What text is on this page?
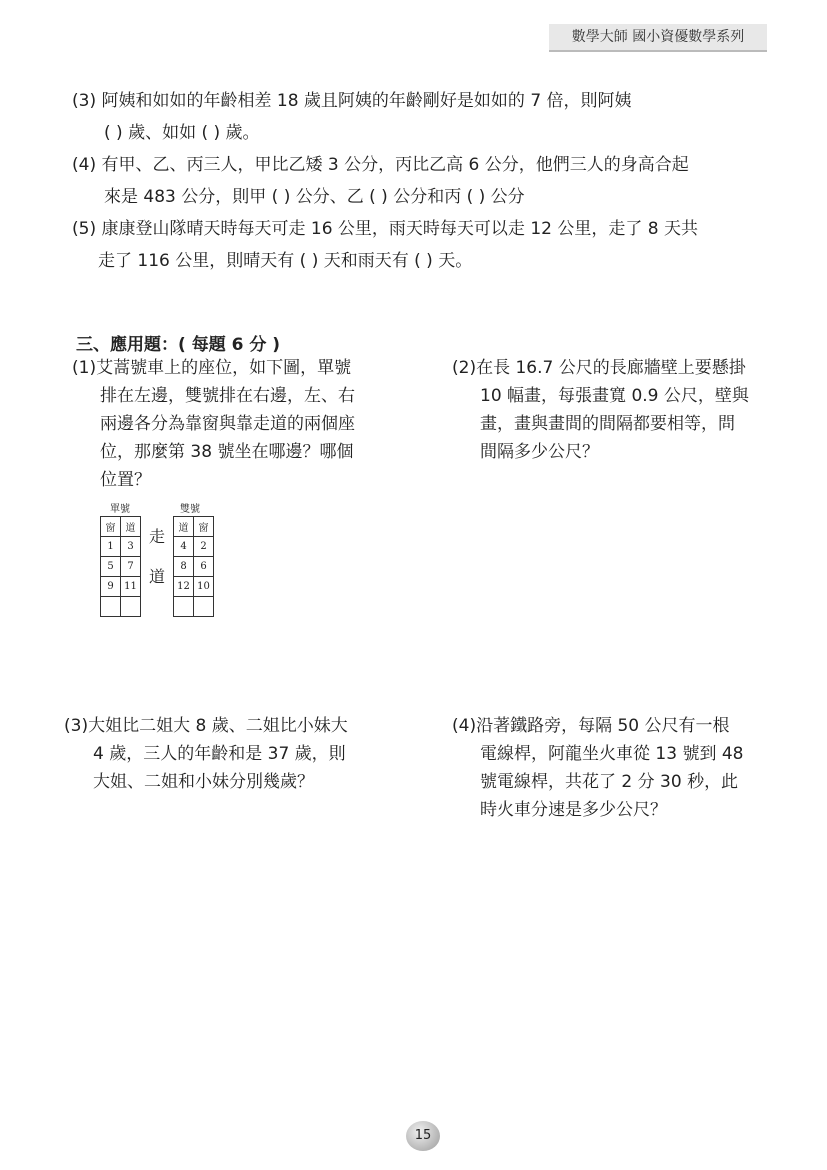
數學大師 國小資優數學系列
(3) 阿姨和如如的年齡相差 18 歲且阿姨的年齡剛好是如如的 7 倍，則阿姨
( ) 歲、如如 ( ) 歲。
(4) 有甲、乙、丙三人，甲比乙矮 3 公分，丙比乙高 6 公分，他們三人的身高合起
來是 483 公分，則甲 ( ) 公分、乙 ( ) 公分和丙 ( ) 公分
(5) 康康登山隊晴天時每天可走 16 公里，雨天時每天可以走 12 公里，走了 8 天共
走了 116 公里，則晴天有 ( ) 天和雨天有 ( ) 天。
三、應用題：( 每題 6 分 )
(1)艾蒿號車上的座位，如下圖，單號
排在左邊，雙號排在右邊，左、右
兩邊各分為靠窗與靠走道的兩個座
位，那麼第 38 號坐在哪邊？哪個
位置？
單號	雙號
窗	道	走	道	窗
1	3		4	2
5	7	道	8	6
9	11		12	10

(2)在長 16.7 公尺的長廊牆壁上要懸掛
10 幅畫，每張畫寬 0.9 公尺，壁與
畫，畫與畫間的間隔都要相等，問
間隔多少公尺？
(3)大姐比二姐大 8 歲、二姐比小妹大
4 歲，三人的年齡和是 37 歲，則
大姐、二姐和小妹分別幾歲？
(4)沿著鐵路旁，每隔 50 公尺有一根
電線桿，阿龍坐火車從 13 號到 48
號電線桿，共花了 2 分 30 秒，此
時火車分速是多少公尺？
15
